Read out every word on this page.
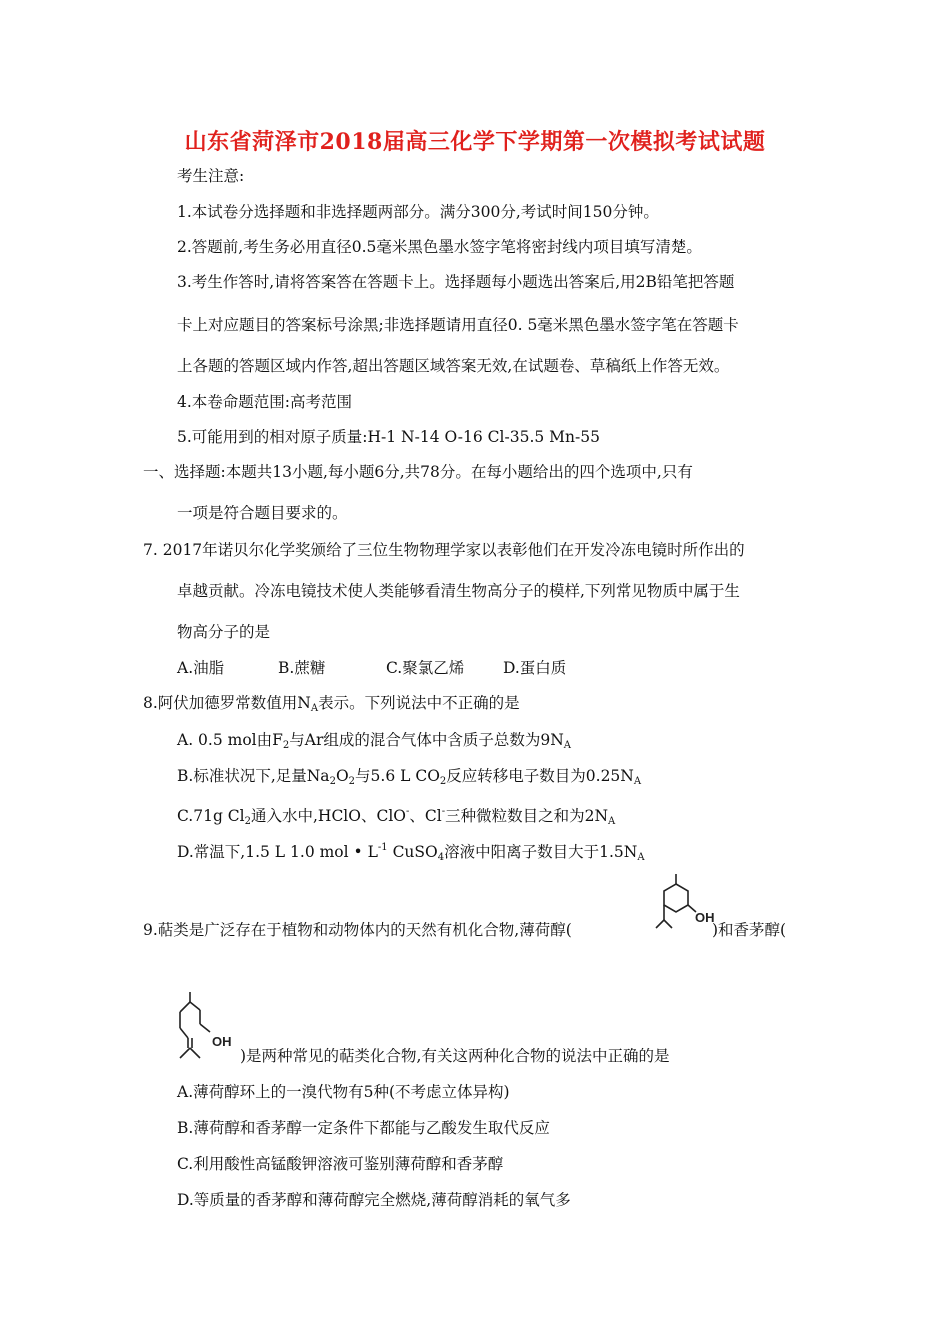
山东省菏泽市2018届高三化学下学期第一次模拟考试试题
考生注意:
1.本试卷分选择题和非选择题两部分。满分300分,考试时间150分钟。
2.答题前,考生务必用直径0.5毫米黑色墨水签字笔将密封线内项目填写清楚。
3.考生作答时,请将答案答在答题卡上。选择题每小题选出答案后,用2B铅笔把答题
卡上对应题目的答案标号涂黑;非选择题请用直径0. 5毫米黑色墨水签字笔在答题卡
上各题的答题区域内作答,超出答题区域答案无效,在试题卷、草稿纸上作答无效。
4.本卷命题范围:高考范围
5.可能用到的相对原子质量:H-1 N-14 O-16 Cl-35.5 Mn-55
一、选择题:本题共13小题,每小题6分,共78分。在每小题给出的四个选项中,只有
一项是符合题目要求的。
7. 2017年诺贝尔化学奖颁给了三位生物物理学家以表彰他们在开发冷冻电镜时所作出的
卓越贡献。冷冻电镜技术使人类能够看清生物高分子的模样,下列常见物质中属于生
物高分子的是
A.油脂	B.蔗糖	C.聚氯乙烯	D.蛋白质
8.阿伏加德罗常数值用$N_A$表示。下列说法中不正确的是
A. 0.5 mol由$F_2$与Ar组成的混合气体中含质子总数为$9N_A$
B.标准状况下,足量$Na_2O_2$与5.6 L $CO_2$反应转移电子数目为$0.25N_A$
C.71g $Cl_2$通入水中,HClO、ClO-、Cl-三种微粒数目之和为$2N_A$
D.常温下,1.5 L 1.0 mol • $L^{-1}$ CuSO$_4$溶液中阳离子数目大于$1.5N_A$
9.萜类是广泛存在于植物和动物体内的天然有机化合物,薄荷醇(
OH
)和香茅醇(
OH
)是两种常见的萜类化合物,有关这两种化合物的说法中正确的是
A.薄荷醇环上的一溴代物有5种(不考虑立体异构)
B.薄荷醇和香茅醇一定条件下都能与乙酸发生取代反应
C.利用酸性高锰酸钾溶液可鉴别薄荷醇和香茅醇
D.等质量的香茅醇和薄荷醇完全燃烧,薄荷醇消耗的氧气多
